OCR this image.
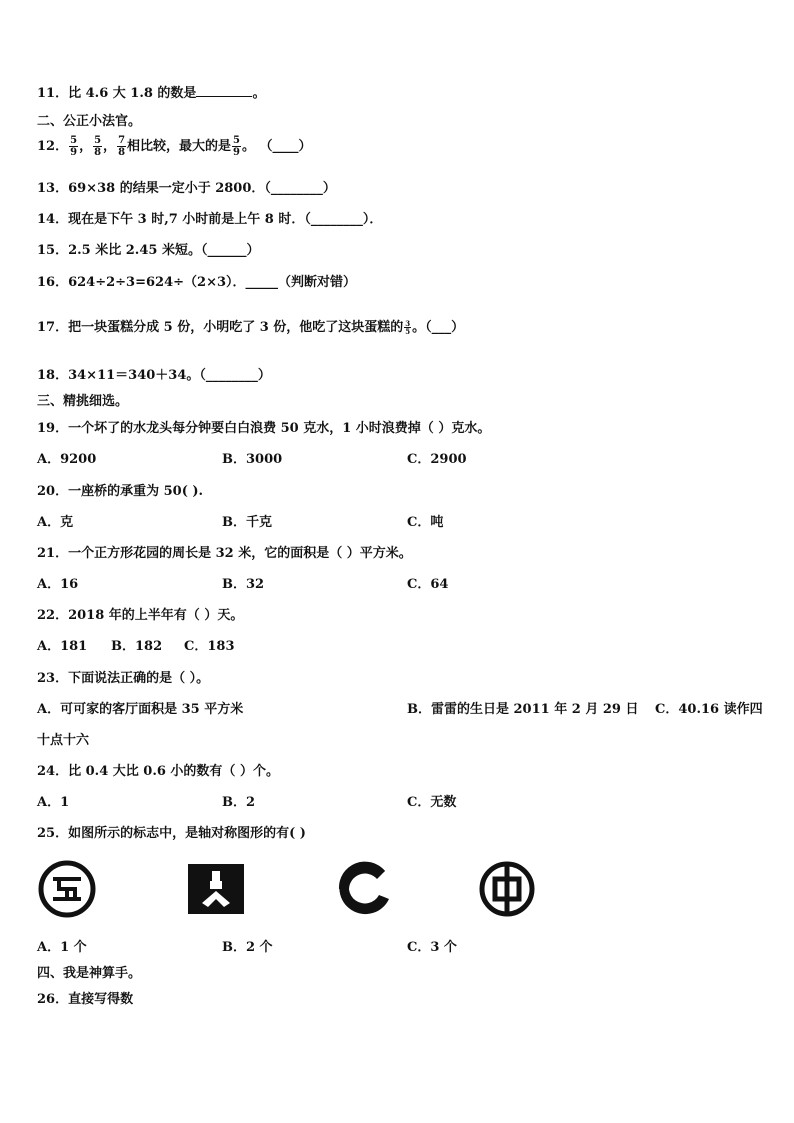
11．比 4.6 大 1.8 的数是	。
二、公正小法官。
12． $\frac{5}{9}$ ， $\frac{5}{8}$ ， $\frac{7}{8}$ 相比较，最大的是 $\frac{5}{9}$ 。 （____）
13．69×38 的结果一定小于 2800．（________）
14．现在是下午 3 时,7 小时前是上午 8 时．（________）．
15．2.5 米比 2.45 米短。（______）
16．624÷2÷3=624÷（2×3）．_____（判断对错）
17．把一块蛋糕分成 5 份，小明吃了 3 份，他吃了这块蛋糕的 $\frac{3}{5}$ 。（___）
18．34×11＝340＋34。（________）
三、精挑细选。
19．一个坏了的水龙头每分钟要白白浪费 50 克水，1 小时浪费掉（ ）克水。
A．9200	B．3000	C．2900
20．一座桥的承重为 50( ).
A．克	B．千克	C．吨
21．一个正方形花园的周长是 32 米，它的面积是（ ）平方米。
A．16	B．32	C．64
22．2018 年的上半年有（ ）天。
A．181 B．182 C．183
23．下面说法正确的是（ ）。
A．可可家的客厅面积是 35 平方米	B．雷雷的生日是 2011 年 2 月 29 日 C．40.16 读作四
十点十六
24．比 0.4 大比 0.6 小的数有（ ）个。
A．1	B．2	C．无数
25．如图所示的标志中，是轴对称图形的有( )
A．1 个	B．2 个	C．3 个
四、我是神算手。
26．直接写得数
